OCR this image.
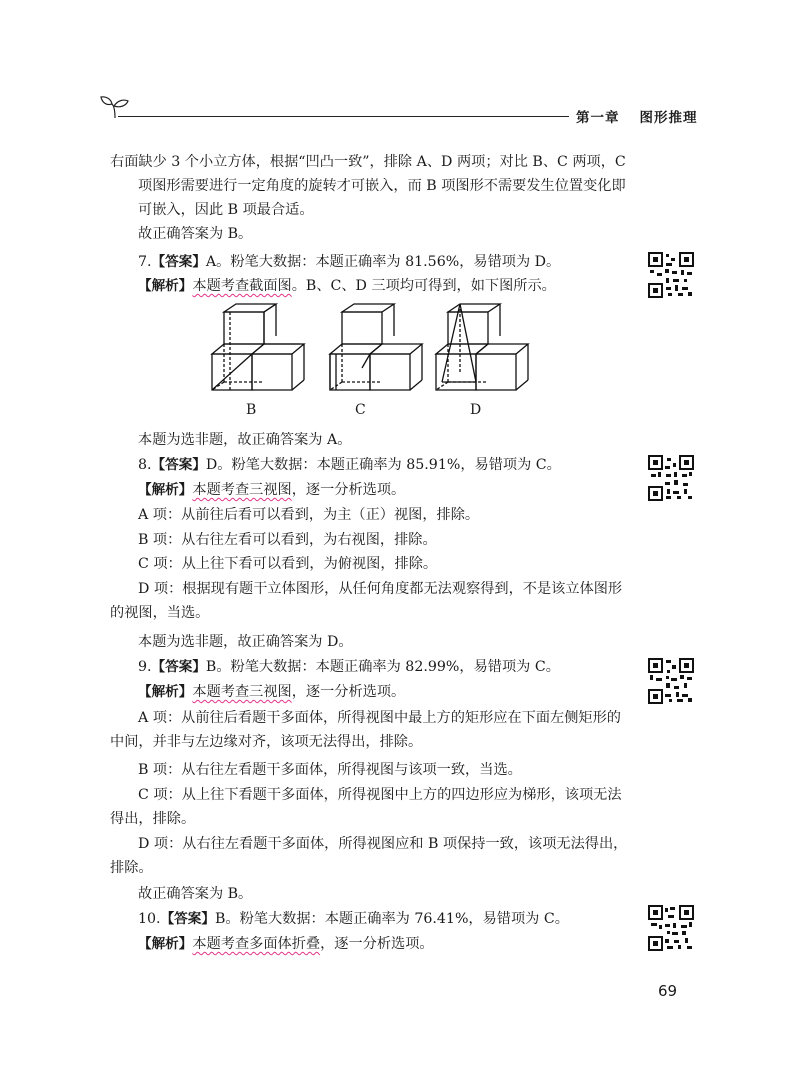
第一章 图形推理

右面缺少 3 个小立方体，根据“凹凸一致”，排除 A、D 两项；对比 B、C 两项，C 项图形需要进行一定角度的旋转才可嵌入，而 B 项图形不需要发生位置变化即可嵌入，因此 B 项最合适。

故正确答案为 B。

7.【答案】A。粉笔大数据：本题正确率为 81.56%，易错项为 D。

【解析】本题考查截面图。B、C、D 三项均可得到，如下图所示。

B	C	D

本题为选非题，故正确答案为 A。

8.【答案】D。粉笔大数据：本题正确率为 85.91%，易错项为 C。

【解析】本题考查三视图，逐一分析选项。

A 项：从前往后看可以看到，为主（正）视图，排除。

B 项：从右往左看可以看到，为右视图，排除。

C 项：从上往下看可以看到，为俯视图，排除。

D 项：根据现有题干立体图形，从任何角度都无法观察得到，不是该立体图形的视图，当选。

本题为选非题，故正确答案为 D。

9.【答案】B。粉笔大数据：本题正确率为 82.99%，易错项为 C。

【解析】本题考查三视图，逐一分析选项。

A 项：从前往后看题干多面体，所得视图中最上方的矩形应在下面左侧矩形的中间，并非与左边缘对齐，该项无法得出，排除。

B 项：从右往左看题干多面体，所得视图与该项一致，当选。

C 项：从上往下看题干多面体，所得视图中上方的四边形应为梯形，该项无法得出，排除。

D 项：从右往左看题干多面体，所得视图应和 B 项保持一致，该项无法得出，排除。

故正确答案为 B。

10.【答案】B。粉笔大数据：本题正确率为 76.41%，易错项为 C。

【解析】本题考查多面体折叠，逐一分析选项。

69
